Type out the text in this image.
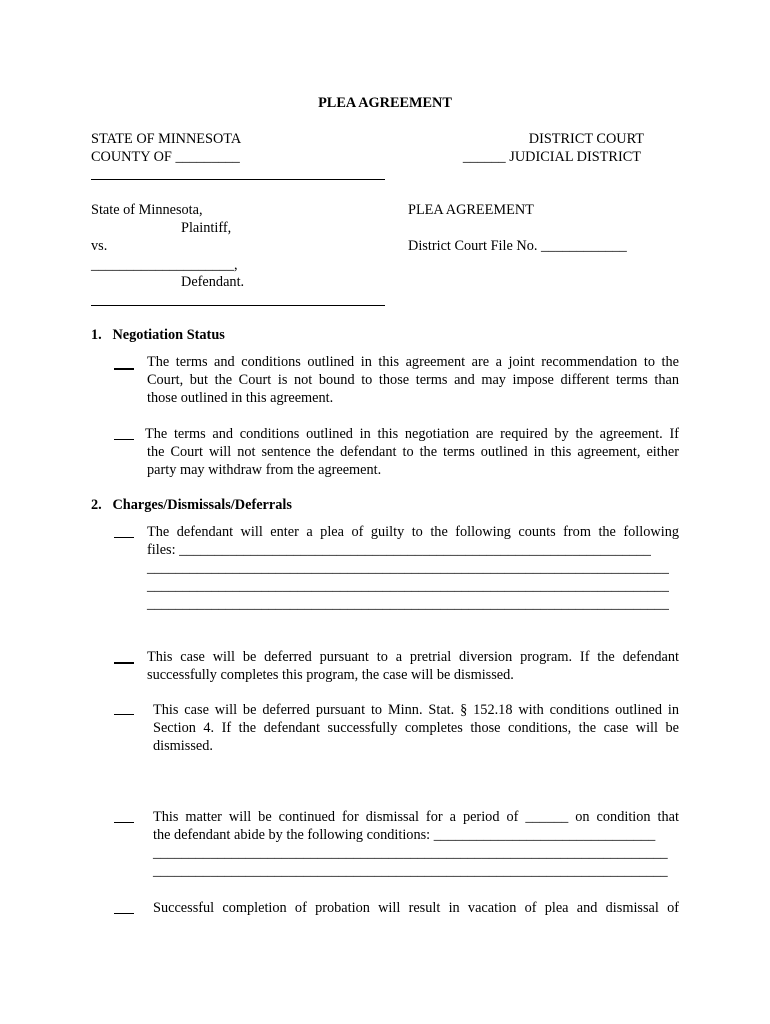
PLEA AGREEMENT
STATE OF MINNESOTA
COUNTY OF _________
DISTRICT COURT
______ JUDICIAL DISTRICT
State of Minnesota,
Plaintiff,
vs.
____________________,
Defendant.
PLEA AGREEMENT
District Court File No. ____________
1.   Negotiation Status
The terms and conditions outlined in this agreement are a joint recommendation to the
Court, but the Court is not bound to those terms and may impose different terms than
those outlined in this agreement.
The terms and conditions outlined in this negotiation are required by the agreement. If
the Court will not sentence the defendant to the terms outlined in this agreement, either
party may withdraw from the agreement.
2.   Charges/Dismissals/Deferrals
The defendant will enter a plea of guilty to the following counts from the following
files: __________________________________________________________________
_________________________________________________________________________
_________________________________________________________________________
_________________________________________________________________________
This case will be deferred pursuant to a pretrial diversion program. If the defendant
successfully completes this program, the case will be dismissed.
This case will be deferred pursuant to Minn. Stat. § 152.18 with conditions outlined in
Section 4. If the defendant successfully completes those conditions, the case will be
dismissed.
This matter will be continued for dismissal for a period of ______ on condition that
the defendant abide by the following conditions: _______________________________
________________________________________________________________________
________________________________________________________________________
Successful completion of probation will result in vacation of plea and dismissal of
